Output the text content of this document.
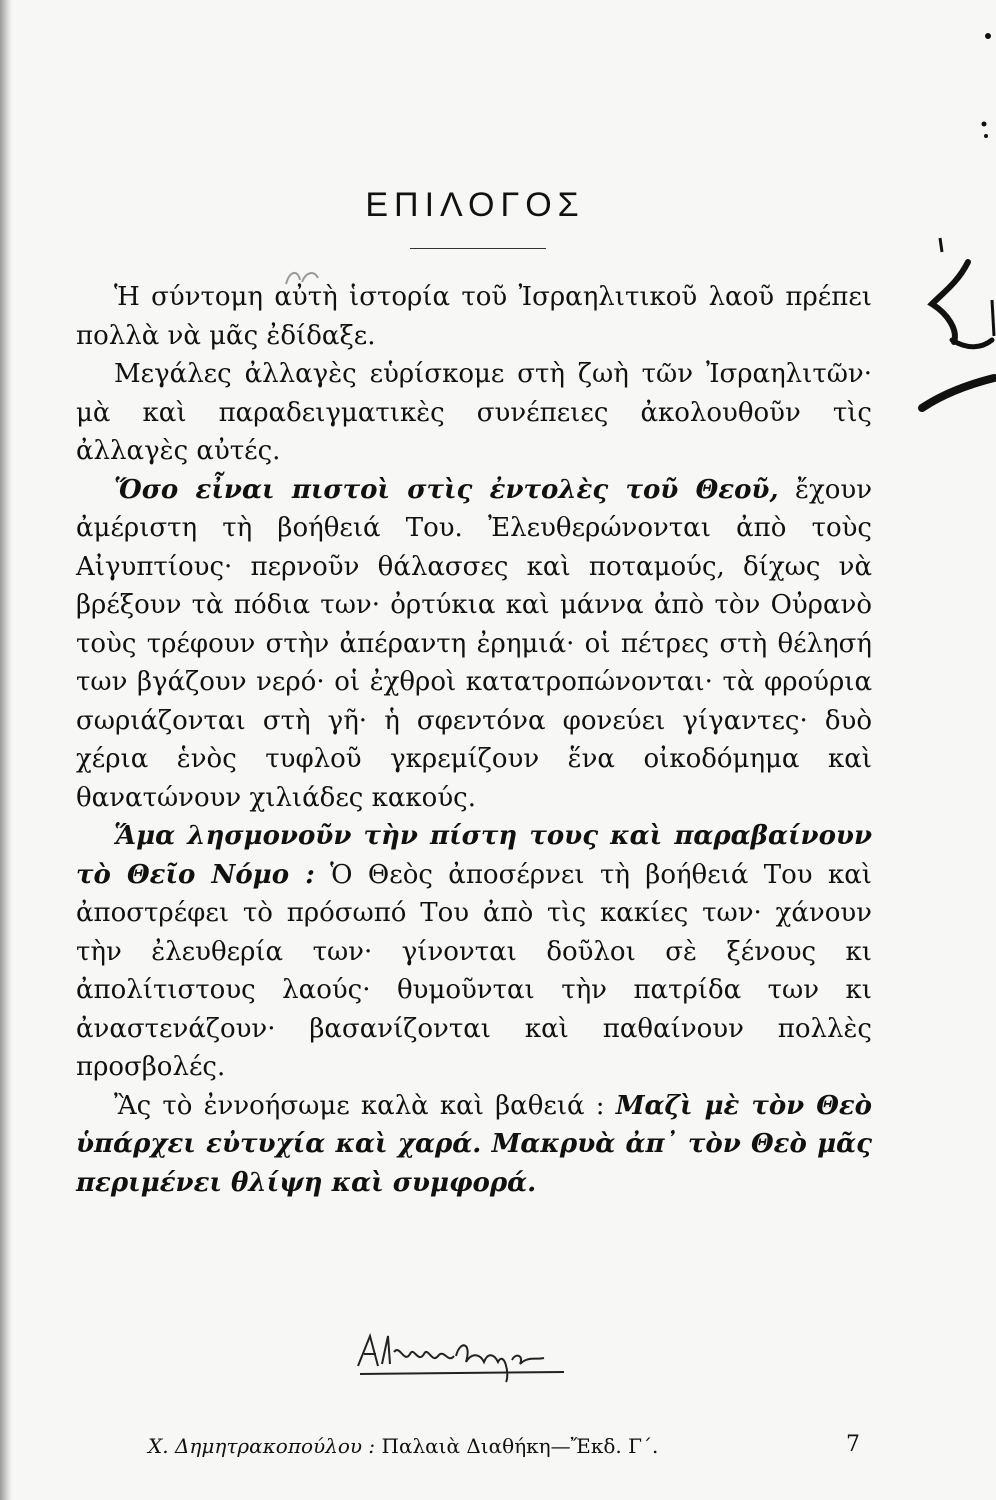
ΕΠΙΛΟΓΟΣ

Ἡ σύντομη αὐτὴ ἱστορία τοῦ Ἰσραηλιτικοῦ λαοῦ πρέπει πολλὰ νὰ μᾶς ἐδίδαξε.

Μεγάλες ἀλλαγὲς εὑρίσκομε στὴ ζωὴ τῶν Ἰσραηλιτῶν· μὰ καὶ παραδειγματικὲς συνέπειες ἀκολουθοῦν τὶς ἀλλαγὲς αὐτές.

Ὅσο εἶναι πιστοὶ στὶς ἐντολὲς τοῦ Θεοῦ, ἔχουν ἀμέριστη τὴ βοήθειά Του. Ἐλευθερώνονται ἀπὸ τοὺς Αἰγυπτίους· περνοῦν θάλασσες καὶ ποταμούς, δίχως νὰ βρέξουν τὰ πόδια των· ὀρτύκια καὶ μάννα ἀπὸ τὸν Οὐρανὸ τοὺς τρέφουν στὴν ἀπέραντη ἐρημιά· οἱ πέτρες στὴ θέλησή των βγάζουν νερό· οἱ ἐχθροὶ κατατροπώνονται· τὰ φρούρια σωριάζονται στὴ γῆ· ἡ σφεντόνα φονεύει γίγαντες· δυὸ χέρια ἑνὸς τυφλοῦ γκρεμίζουν ἕνα οἰκοδόμημα καὶ θανατώνουν χιλιάδες κακούς.

Ἅμα λησμονοῦν τὴν πίστη τους καὶ παραβαίνουν τὸ Θεῖο Νόμο : Ὁ Θεὸς ἀποσέρνει τὴ βοήθειά Του καὶ ἀποστρέφει τὸ πρόσωπό Του ἀπὸ τὶς κακίες των· χάνουν τὴν ἐλευθερία των· γίνονται δοῦλοι σὲ ξένους κι ἀπολίτιστους λαούς· θυμοῦνται τὴν πατρίδα των κι ἀναστενάζουν· βασανίζονται καὶ παθαίνουν πολλὲς προσβολές.

Ἂς τὸ ἐννοήσωμε καλὰ καὶ βαθειά : Μαζὶ μὲ τὸν Θεὸ ὑπάρχει εὐτυχία καὶ χαρά. Μακρυὰ ἀπ᾽ τὸν Θεὸ μᾶς περιμένει θλίψη καὶ συμφορά.

Χ. Δημητρακοπούλου : Παλαιὰ Διαθήκη—Ἔκδ. Γ΄.	7
